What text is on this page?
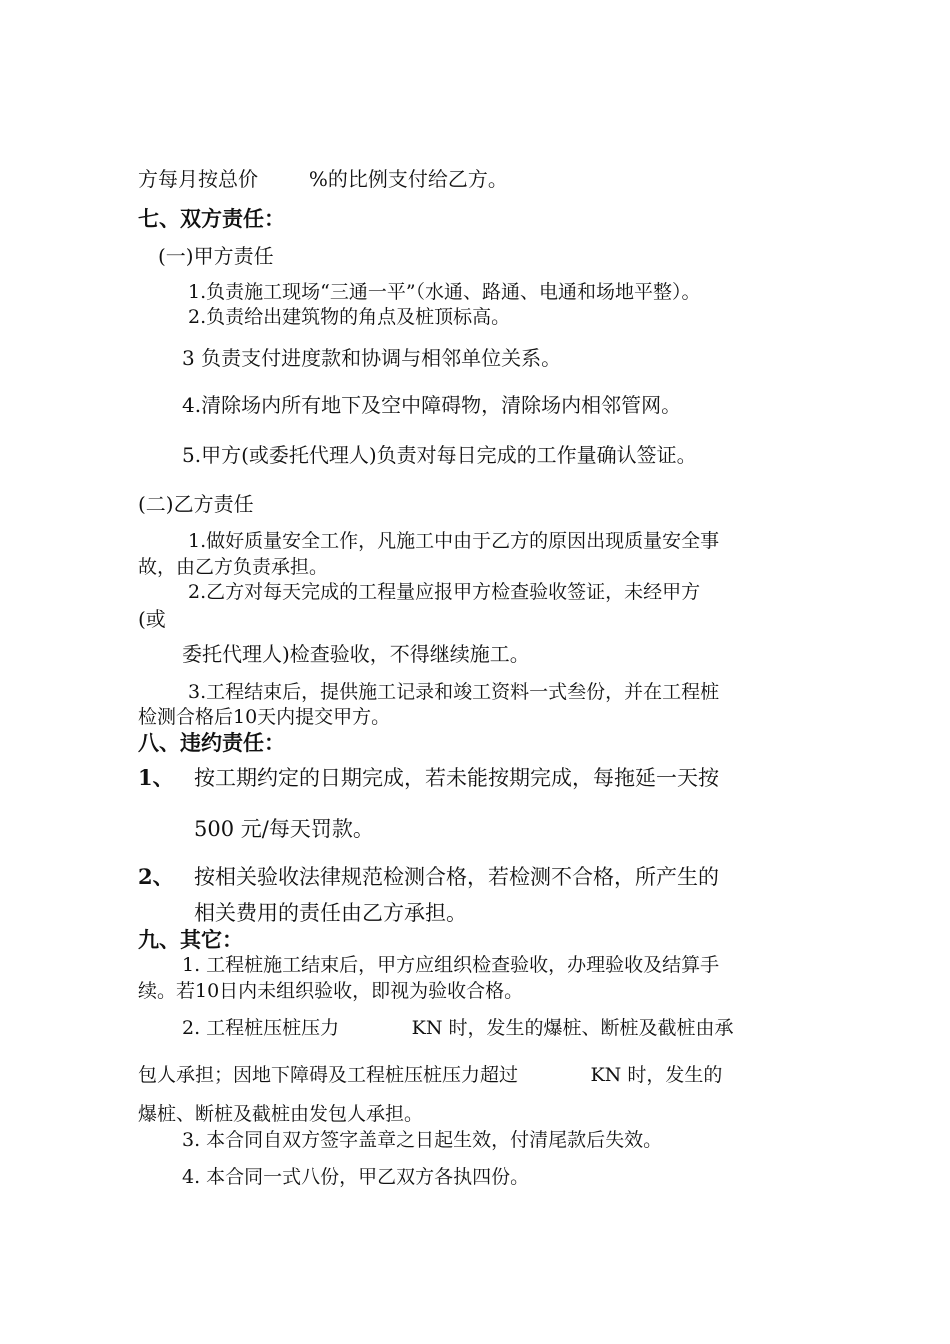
方每月按总价        %的比例支付给乙方。

七、双方责任：

(一)甲方责任

1.负责施工现场“三通一平”（水通、路通、电通和场地平整）。

2.负责给出建筑物的角点及桩顶标高。

3 负责支付进度款和协调与相邻单位关系。

4.清除场内所有地下及空中障碍物，清除场内相邻管网。

5.甲方(或委托代理人)负责对每日完成的工作量确认签证。

(二)乙方责任

1.做好质量安全工作，凡施工中由于乙方的原因出现质量安全事

故，由乙方负责承担。

2.乙方对每天完成的工程量应报甲方检查验收签证，未经甲方

(或

委托代理人)检查验收，不得继续施工。

3.工程结束后，提供施工记录和竣工资料一式叁份，并在工程桩

检测合格后10天内提交甲方。

八、违约责任：

1、 按工期约定的日期完成，若未能按期完成，每拖延一天按

500 元/每天罚款。

2、 按相关验收法律规范检测合格，若检测不合格，所产生的

相关费用的责任由乙方承担。

九、其它：

1. 工程桩施工结束后，甲方应组织检查验收，办理验收及结算手

续。若10日内未组织验收，即视为验收合格。

2. 工程桩压桩压力            KN 时，发生的爆桩、断桩及截桩由承

包人承担；因地下障碍及工程桩压桩压力超过            KN 时，发生的

爆桩、断桩及截桩由发包人承担。

3. 本合同自双方签字盖章之日起生效，付清尾款后失效。

4. 本合同一式八份，甲乙双方各执四份。
